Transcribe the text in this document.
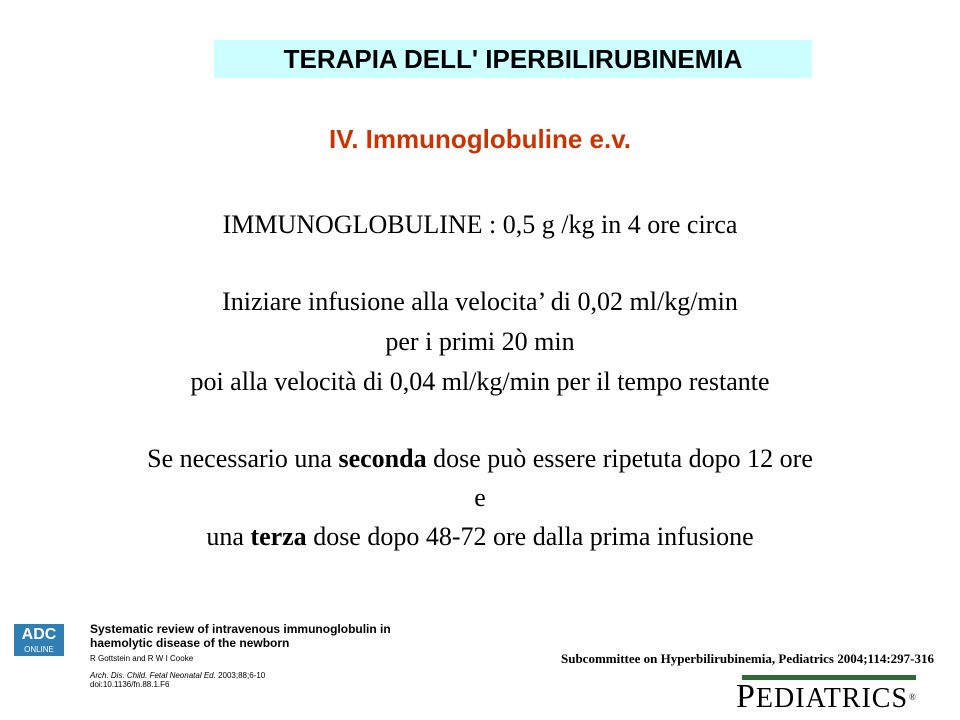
TERAPIA DELL' IPERBILIRUBINEMIA
IV. Immunoglobuline e.v.
IMMUNOGLOBULINE : 0,5 g /kg in 4 ore circa
Iniziare infusione alla velocita’ di 0,02 ml/kg/min
per i primi 20 min
poi alla velocità di 0,04 ml/kg/min per il tempo restante
Se necessario una seconda dose può essere ripetuta dopo 12 ore
e
una terza dose dopo 48-72 ore dalla prima infusione
ADC
ONLINE

Systematic review of intravenous immunoglobulin in haemolytic disease of the newborn

R Gottstein and R W I Cooke
Arch. Dis. Child. Fetal Neonatal Ed. 2003;88;6-10
doi:10.1136/fn.88.1.F6
Subcommittee on Hyperbilirubinemia, Pediatrics 2004;114:297-316
PEDIATRICS®
